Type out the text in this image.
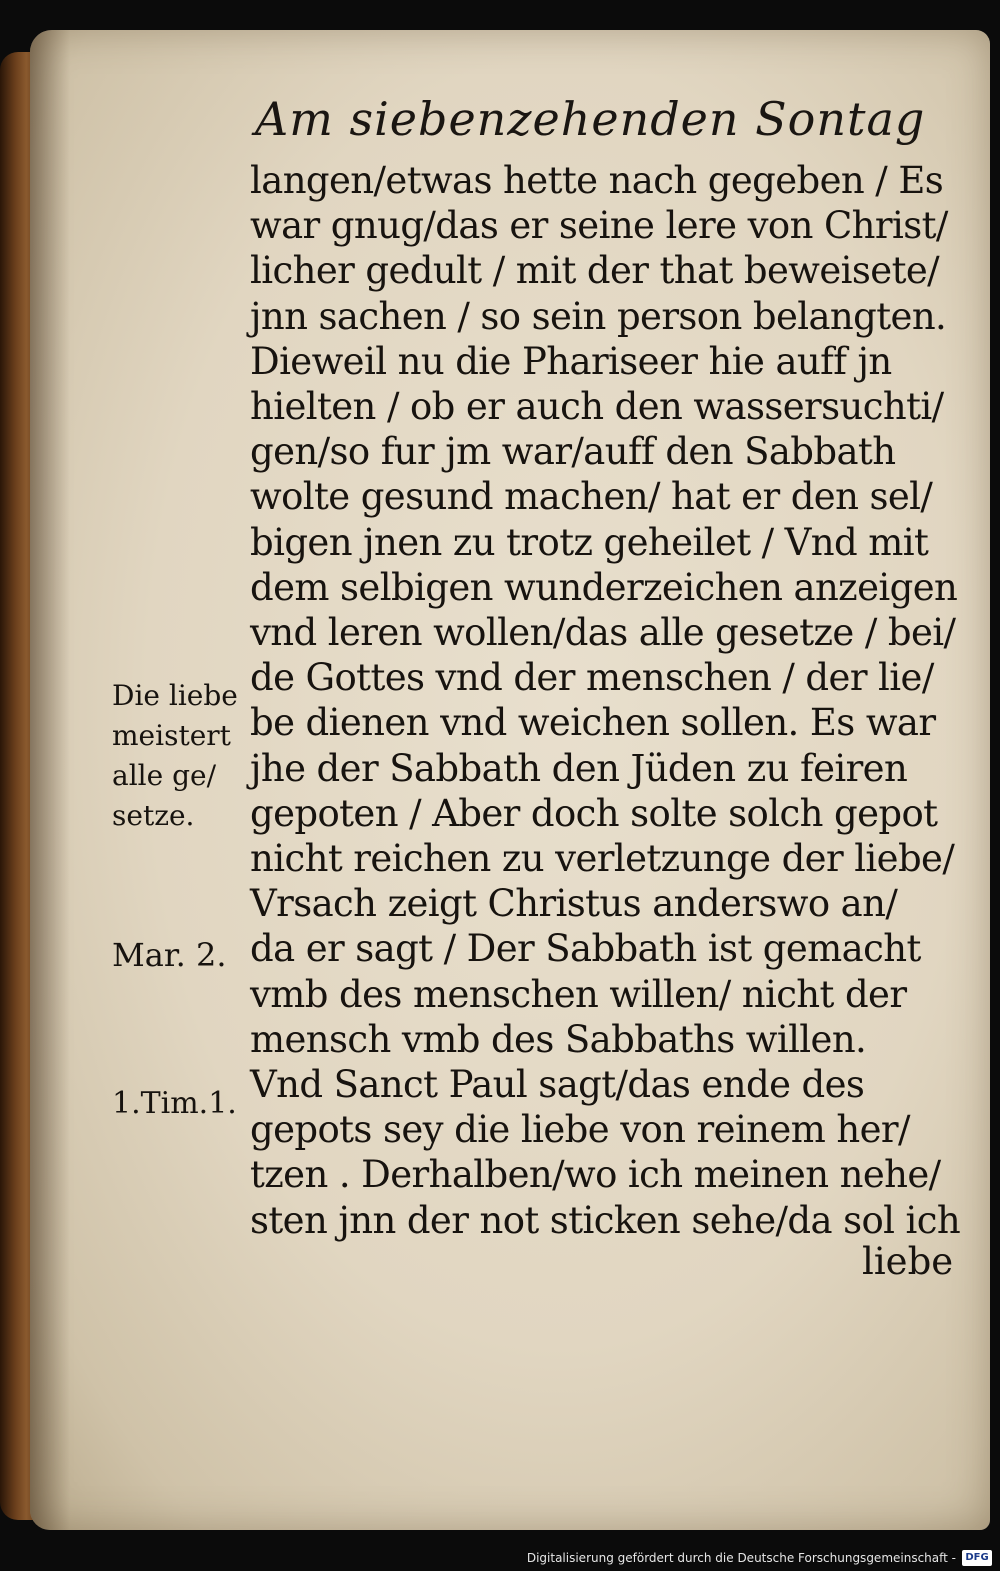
Am siebenzehenden Sontag
langen/etwas hette nach gegeben / Es
war gnug/das er seine lere von Christ/
licher gedult / mit der that beweisete/
jnn sachen / so sein person belangten.
Dieweil nu die Phariseer hie auff jn
hielten / ob er auch den wassersuchti/
gen/so fur jm war/auff den Sabbath
wolte gesund machen/ hat er den sel/
bigen jnen zu trotz geheilet / Vnd mit
dem selbigen wunderzeichen anzeigen
vnd leren wollen/das alle gesetze / bei/
de Gottes vnd der menschen / der lie/
be dienen vnd weichen sollen. Es war
jhe der Sabbath den Jüden zu feiren
gepoten / Aber doch solte solch gepot
nicht reichen zu verletzunge der liebe/
Vrsach zeigt Christus anderswo an/
da er sagt / Der Sabbath ist gemacht
vmb des menschen willen/ nicht der
mensch vmb des Sabbaths willen.
Vnd Sanct Paul sagt/das ende des
gepots sey die liebe von reinem her/
tzen . Derhalben/wo ich meinen nehe/
sten jnn der not sticken sehe/da sol ich
liebe
Die liebe
meistert
alle ge/
setze.
Mar. 2.
1.Tim.1.
Digitalisierung gefördert durch die Deutsche Forschungsgemeinschaft - DFG
